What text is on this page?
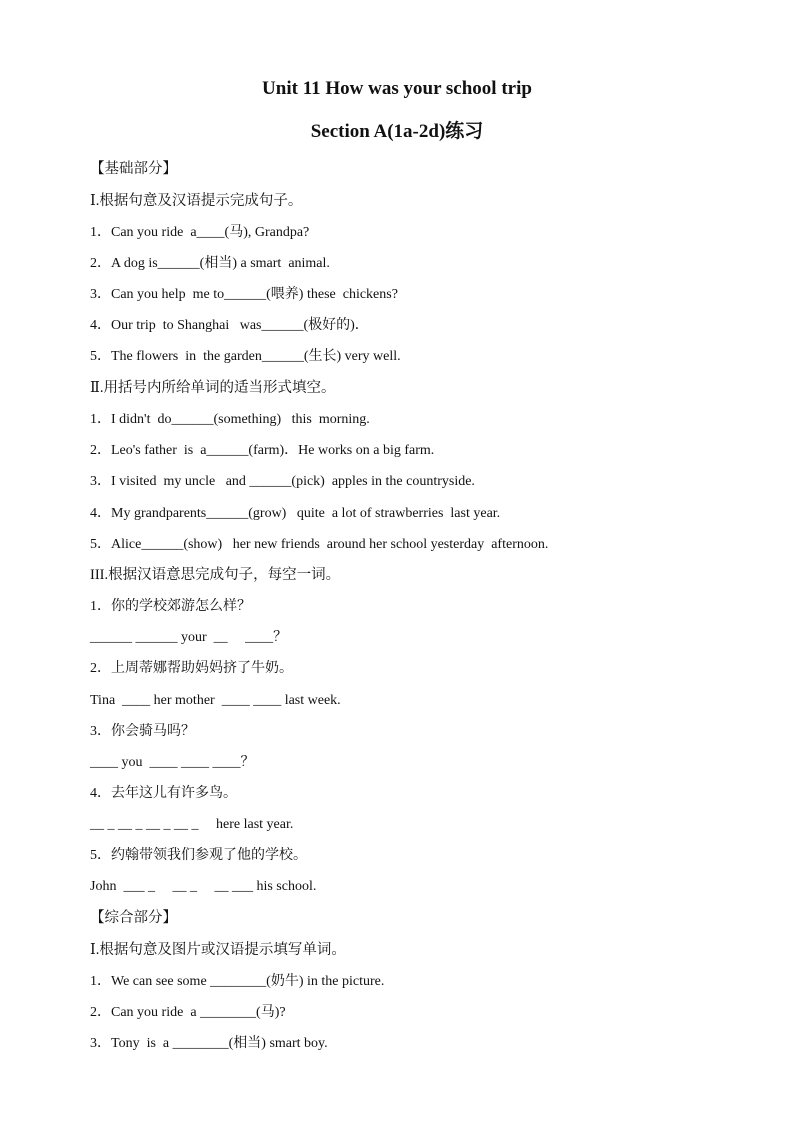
Unit 11 How was your school trip
Section A(1a-2d)练习
【基础部分】
Ⅰ.根据句意及汉语提示完成句子。
1．Can you ride  a____(马), Grandpa?
2．A dog is______(相当) a smart  animal.
3．Can you help  me to______(喂养) these  chickens?
4．Our trip  to Shanghai   was______(极好的)．
5．The flowers  in  the garden______(生长) very well.
Ⅱ.用括号内所给单词的适当形式填空。
1．I didn't  do______(something)   this  morning.
2．Leo's father  is  a______(farm)．He works on a big farm.
3．I visited  my uncle   and ______(pick)  apples in the countryside.
4．My grandparents______(grow)   quite  a lot of strawberries  last year.
5．Alice______(show)   her new friends  around her school yesterday  afternoon.
III.根据汉语意思完成句子，每空一词。
1．你的学校郊游怎么样？
______ ______ your  __     ____？
2．上周蒂娜帮助妈妈挤了牛奶。
Tina  ____ her mother  ____ ____ last week.
3．你会骑马吗？
____ you  ____ ____ ____？
4．去年这儿有许多鸟。
__ _ __ _ __ _ __ _     here last year.
5．约翰带领我们参观了他的学校。
John  ___ _     __ _     __ ___ his school.
【综合部分】
Ⅰ.根据句意及图片或汉语提示填写单词。
1．We can see some ________(奶牛) in the picture.
2．Can you ride  a ________(马)?
3．Tony  is  a ________(相当) smart boy.
